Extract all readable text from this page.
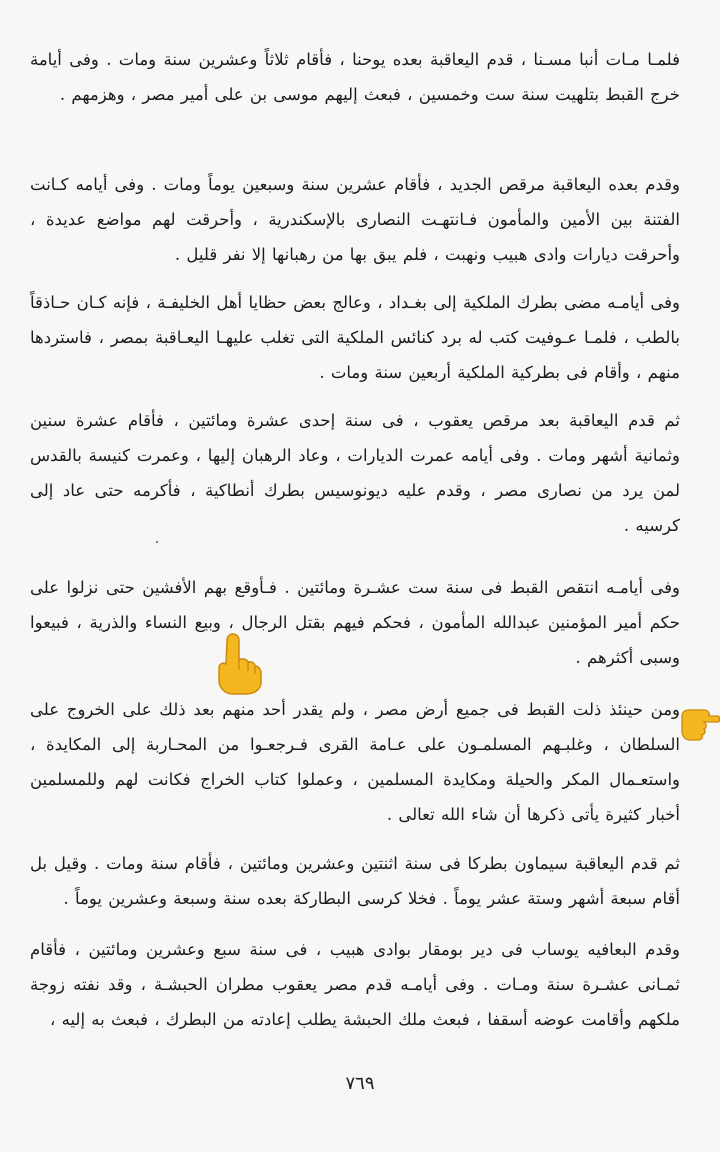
فلمـا مـات أنبا مسـنا ، قدم اليعاقبة بعده يوحنا ، فأقام ثلاثاً وعشرين سنة ومات . وفى أيامة خرج القبط بتلهيت سنة ست وخمسين ، فبعث إليهم موسى بن على أمير مصر ، وهزمهم .

وقدم بعده اليعاقبة مرقص الجديد ، فأقام عشرين سنة وسبعين يوماً ومات . وفى أيامه كـانت الفتنة بين الأمين والمأمون فـانتهـت النصارى بالإسكندرية ، وأحرقت لهم مواضع عديدة ، وأحرقت ديارات وادى هبيب ونهبت ، فلم يبق بها من رهبانها إلا نفر قليل .

وفى أيامـه مضى بطرك الملكية إلى بغـداد ، وعالج بعض حظايا أهل الخليفـة ، فإنه كـان حـاذقاً بالطب ، فلمـا عـوفيت كتب له برد كنائس الملكية التى تغلب عليهـا اليعـاقبة بمصر ، فاستردها منهم ، وأقام فى بطركية الملكية أربعين سنة ومات .

ثم قدم اليعاقبة بعد مرقص يعقوب ، فى سنة إحدى عشرة ومائتين ، فأقام عشرة سنين وثمانية أشهر ومات . وفى أيامه عمرت الديارات ، وعاد الرهبان إليها ، وعمرت كنيسة بالقدس لمن يرد من نصارى مصر ، وقدم عليه ديونوسيس بطرك أنطاكية ، فأكرمه حتى عاد إلى كرسيه .

وفى أيامـه انتقص القبط فى سنة ست عشـرة ومائتين . فـأوقع بهم الأفشين حتى نزلوا على حكم أمير المؤمنين عبدالله المأمون ، فحكم فيهم بقتل الرجال ، وبيع النساء والذرية ، فبيعوا وسبى أكثرهم .

ومن حينئذ ذلت القبط فى جميع أرض مصر ، ولم يقدر أحد منهم بعد ذلك على الخروج على السلطان ، وغلبـهم المسلمـون على عـامة القرى فـرجعـوا من المحـاربة إلى المكايدة ، واستعـمال المكر والحيلة ومكايدة المسلمين ، وعملوا كتاب الخراج فكانت لهم وللمسلمين أخبار كثيرة يأتى ذكرها أن شاء الله تعالى .

ثم قدم اليعاقبة سيماون بطركا فى سنة اثنتين وعشرين ومائتين ، فأقام سنة ومات . وقيل بل أقام سبعة أشهر وستة عشر يوماً . فخلا كرسى البطاركة بعده سنة وسبعة وعشرين يوماً .

وقدم البعافيه يوساب فى دير بومقار بوادى هبيب ، فى سنة سبع وعشرين ومائتين ، فأقام ثمـانى عشـرة سنة ومـات . وفى أيامـه قدم مصر يعقوب مطران الحبشـة ، وقد نفته زوجة ملكهم وأقامت عوضه أسقفا ، فبعث ملك الحبشة يطلب إعادته من البطرك ، فبعث به إليه ،

٧٦٩
